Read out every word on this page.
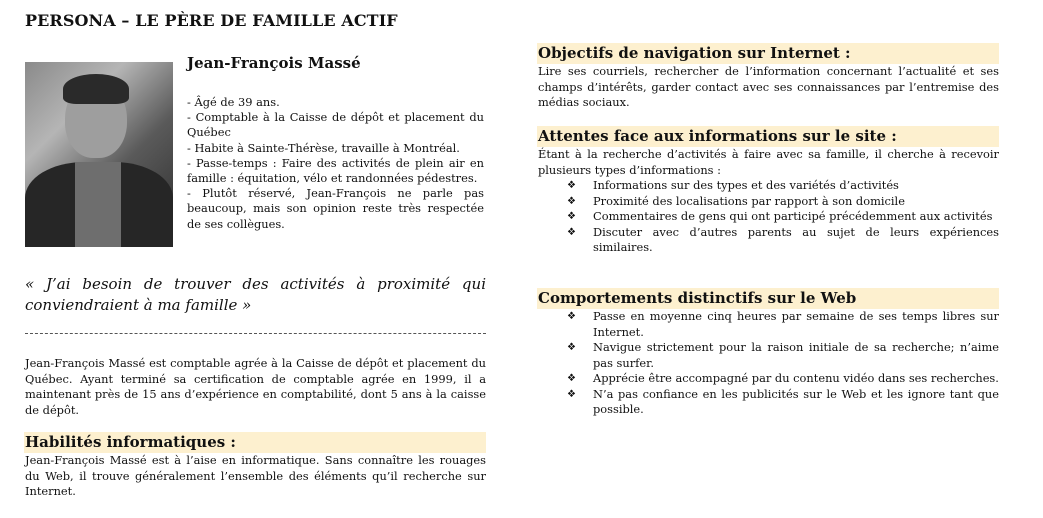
PERSONA – LE PÈRE DE FAMILLE ACTIF
Jean-François Massé
- Âgé de 39 ans.
- Comptable à la Caisse de dépôt et placement du Québec
- Habite à Sainte-Thérèse, travaille à Montréal.
- Passe-temps : Faire des activités de plein air en famille : équitation, vélo et randonnées pédestres.
- Plutôt réservé, Jean-François ne parle pas beaucoup, mais son opinion reste très respectée de ses collègues.
« J’ai besoin de trouver des activités à proximité qui conviendraient à ma famille »
Jean-François Massé est comptable agrée à la Caisse de dépôt et placement du Québec. Ayant terminé sa certification de comptable agrée en 1999, il a maintenant près de 15 ans d’expérience en comptabilité, dont 5 ans à la caisse de dépôt.
Habilités informatiques :
Jean-François Massé est à l’aise en informatique. Sans connaître les rouages du Web, il trouve généralement l’ensemble des éléments qu’il recherche sur Internet.
Objectifs de navigation sur Internet :
Lire ses courriels, rechercher de l’information concernant l’actualité et ses champs d’intérêts, garder contact avec ses connaissances par l’entremise des médias sociaux.
Attentes face aux informations sur le site :
Étant à la recherche d’activités à faire avec sa famille, il cherche à recevoir plusieurs types d’informations :
❖ Informations sur des types et des variétés d’activités
❖ Proximité des localisations par rapport à son domicile
❖ Commentaires de gens qui ont participé précédemment aux activités
❖ Discuter avec d’autres parents au sujet de leurs expériences similaires.
Comportements distinctifs sur le Web
❖ Passe en moyenne cinq heures par semaine de ses temps libres sur Internet.
❖ Navigue strictement pour la raison initiale de sa recherche; n’aime pas surfer.
❖ Apprécie être accompagné par du contenu vidéo dans ses recherches.
❖ N’a pas confiance en les publicités sur le Web et les ignore tant que possible.
